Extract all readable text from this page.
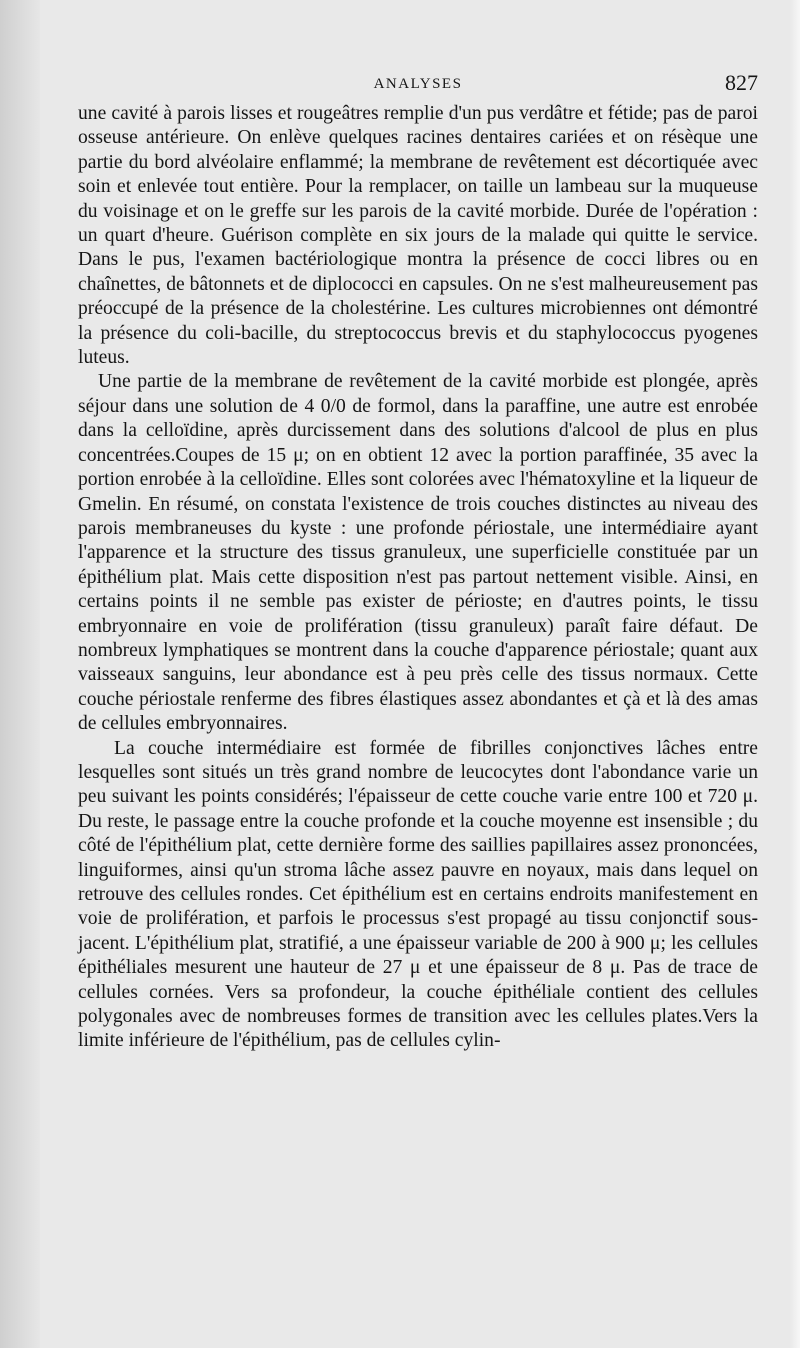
ANALYSES	827

une cavité à parois lisses et rougeâtres remplie d'un pus verdâtre et fétide; pas de paroi osseuse antérieure. On enlève quelques racines dentaires cariées et on résèque une partie du bord alvéolaire enflammé; la membrane de revêtement est décortiquée avec soin et enlevée tout entière. Pour la remplacer, on taille un lambeau sur la muqueuse du voisinage et on le greffe sur les parois de la cavité morbide. Durée de l'opération : un quart d'heure. Guérison complète en six jours de la malade qui quitte le service. Dans le pus, l'examen bactériologique montra la présence de cocci libres ou en chaînettes, de bâtonnets et de diplococci en capsules. On ne s'est malheureusement pas préoccupé de la présence de la cholestérine. Les cultures microbiennes ont démontré la présence du coli-bacille, du streptococcus brevis et du staphylococcus pyogenes luteus.

Une partie de la membrane de revêtement de la cavité morbide est plongée, après séjour dans une solution de 4 0/0 de formol, dans la paraffine, une autre est enrobée dans la celloïdine, après durcissement dans des solutions d'alcool de plus en plus concentrées.Coupes de 15 μ; on en obtient 12 avec la portion paraffinée, 35 avec la portion enrobée à la celloïdine. Elles sont colorées avec l'hématoxyline et la liqueur de Gmelin. En résumé, on constata l'existence de trois couches distinctes au niveau des parois membraneuses du kyste : une profonde périostale, une intermédiaire ayant l'apparence et la structure des tissus granuleux, une superficielle constituée par un épithélium plat. Mais cette disposition n'est pas partout nettement visible. Ainsi, en certains points il ne semble pas exister de périoste; en d'autres points, le tissu embryonnaire en voie de prolifération (tissu granuleux) paraît faire défaut. De nombreux lymphatiques se montrent dans la couche d'apparence périostale; quant aux vaisseaux sanguins, leur abondance est à peu près celle des tissus normaux. Cette couche périostale renferme des fibres élastiques assez abondantes et çà et là des amas de cellules embryonnaires.

La couche intermédiaire est formée de fibrilles conjonctives lâches entre lesquelles sont situés un très grand nombre de leucocytes dont l'abondance varie un peu suivant les points considérés; l'épaisseur de cette couche varie entre 100 et 720 μ. Du reste, le passage entre la couche profonde et la couche moyenne est insensible ; du côté de l'épithélium plat, cette dernière forme des saillies papillaires assez prononcées, linguiformes, ainsi qu'un stroma lâche assez pauvre en noyaux, mais dans lequel on retrouve des cellules rondes. Cet épithélium est en certains endroits manifestement en voie de prolifération, et parfois le processus s'est propagé au tissu conjonctif sous-jacent. L'épithélium plat, stratifié, a une épaisseur variable de 200 à 900 μ; les cellules épithéliales mesurent une hauteur de 27 μ et une épaisseur de 8 μ. Pas de trace de cellules cornées. Vers sa profondeur, la couche épithéliale contient des cellules polygonales avec de nombreuses formes de transition avec les cellules plates.Vers la limite inférieure de l'épithélium, pas de cellules cylin-
